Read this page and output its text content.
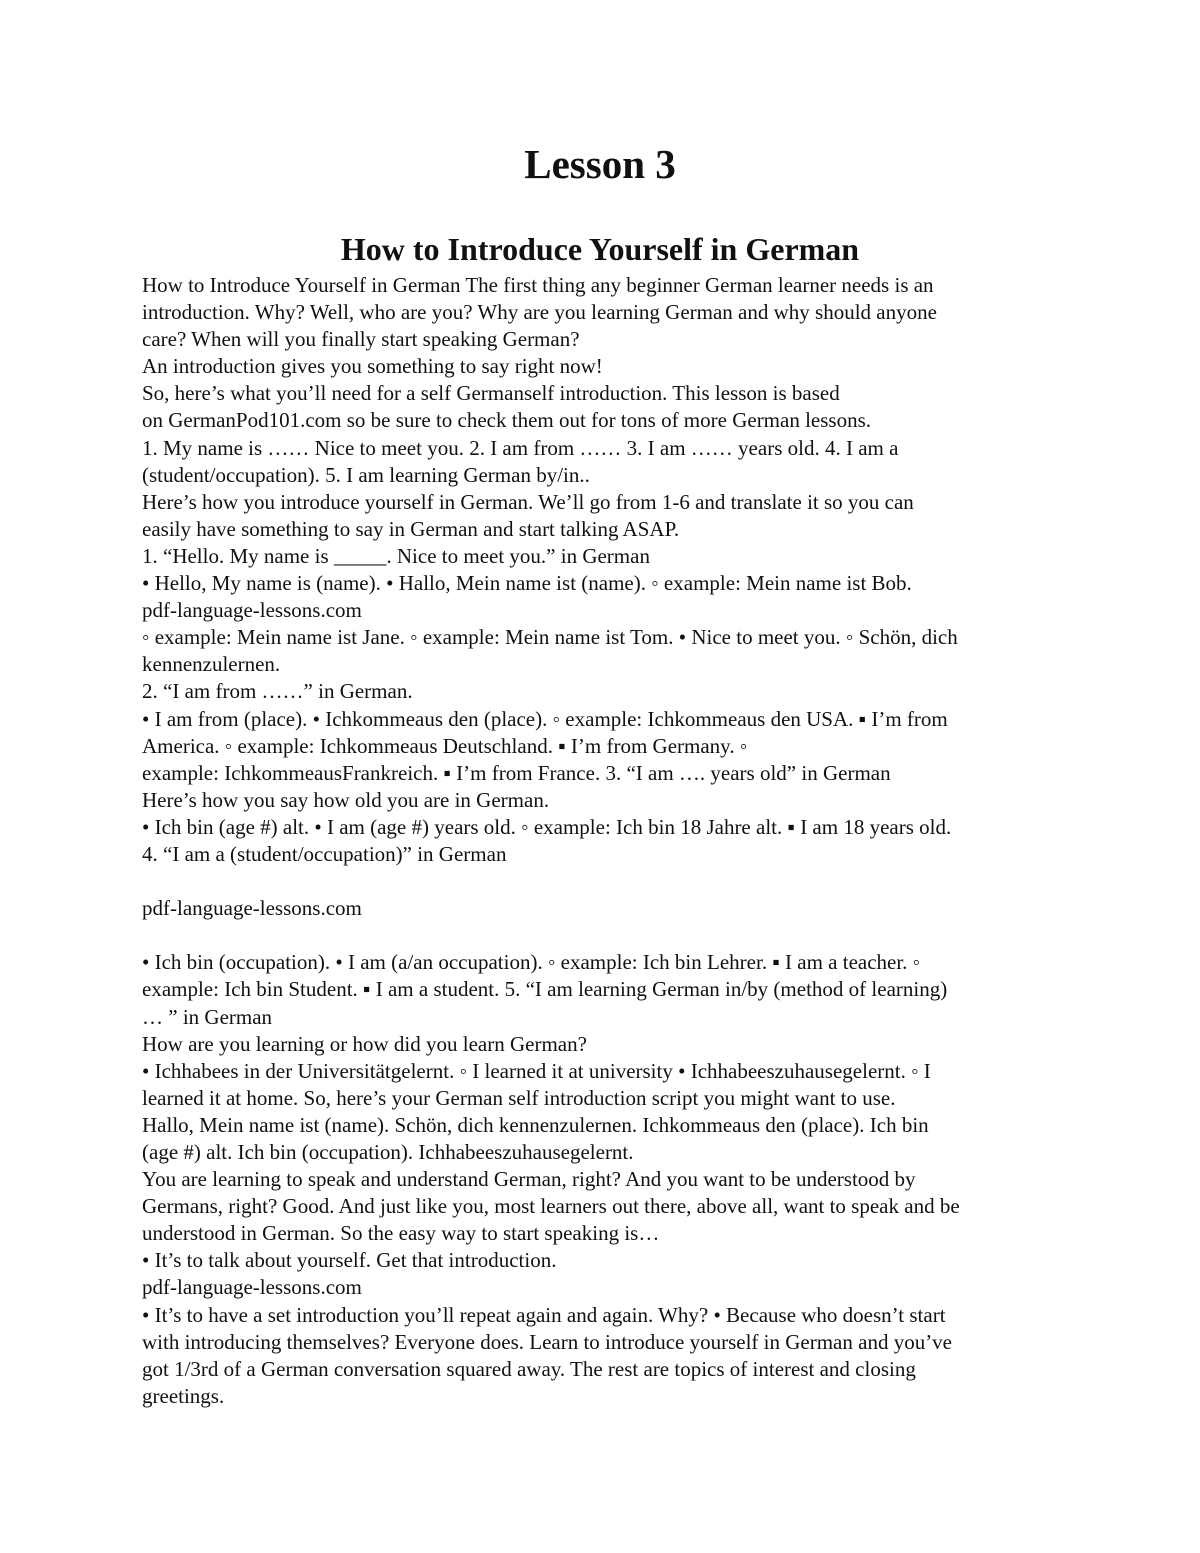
Lesson 3
How to Introduce Yourself in German
How to Introduce Yourself in German The first thing any beginner German learner needs is an
introduction. Why? Well, who are you? Why are you learning German and why should anyone
care? When will you finally start speaking German?
An introduction gives you something to say right now!
So, here’s what you’ll need for a self Germanself introduction. This lesson is based
on GermanPod101.com so be sure to check them out for tons of more German lessons.
1. My name is …… Nice to meet you. 2. I am from …… 3. I am …… years old. 4. I am a
(student/occupation). 5. I am learning German by/in..
Here’s how you introduce yourself in German. We’ll go from 1-6 and translate it so you can
easily have something to say in German and start talking ASAP.
1. “Hello. My name is _____. Nice to meet you.” in German
• Hello, My name is (name). • Hallo, Mein name ist (name). ◦ example: Mein name ist Bob.
pdf-language-lessons.com
◦ example: Mein name ist Jane. ◦ example: Mein name ist Tom. • Nice to meet you. ◦ Schön, dich
kennenzulernen.
2. “I am from ……” in German.
• I am from (place). • Ichkommeaus den (place). ◦ example: Ichkommeaus den USA. ▪ I’m from
America. ◦ example: Ichkommeaus Deutschland. ▪ I’m from Germany. ◦
example: IchkommeausFrankreich. ▪ I’m from France. 3. “I am …. years old” in German
Here’s how you say how old you are in German.
• Ich bin (age #) alt. • I am (age #) years old. ◦ example: Ich bin 18 Jahre alt. ▪ I am 18 years old.
4. “I am a (student/occupation)” in German
pdf-language-lessons.com
• Ich bin (occupation). • I am (a/an occupation). ◦ example: Ich bin Lehrer. ▪ I am a teacher. ◦
example: Ich bin Student. ▪ I am a student. 5. “I am learning German in/by (method of learning)
… ” in German
How are you learning or how did you learn German?
• Ichhabees in der Universitätgelernt. ◦ I learned it at university • Ichhabeeszuhausegelernt. ◦ I
learned it at home. So, here’s your German self introduction script you might want to use.
Hallo, Mein name ist (name). Schön, dich kennenzulernen. Ichkommeaus den (place). Ich bin
(age #) alt. Ich bin (occupation). Ichhabeeszuhausegelernt.
You are learning to speak and understand German, right? And you want to be understood by
Germans, right? Good. And just like you, most learners out there, above all, want to speak and be
understood in German. So the easy way to start speaking is…
• It’s to talk about yourself. Get that introduction.
pdf-language-lessons.com
• It’s to have a set introduction you’ll repeat again and again. Why? • Because who doesn’t start
with introducing themselves? Everyone does. Learn to introduce yourself in German and you’ve
got 1/3rd of a German conversation squared away. The rest are topics of interest and closing
greetings.
